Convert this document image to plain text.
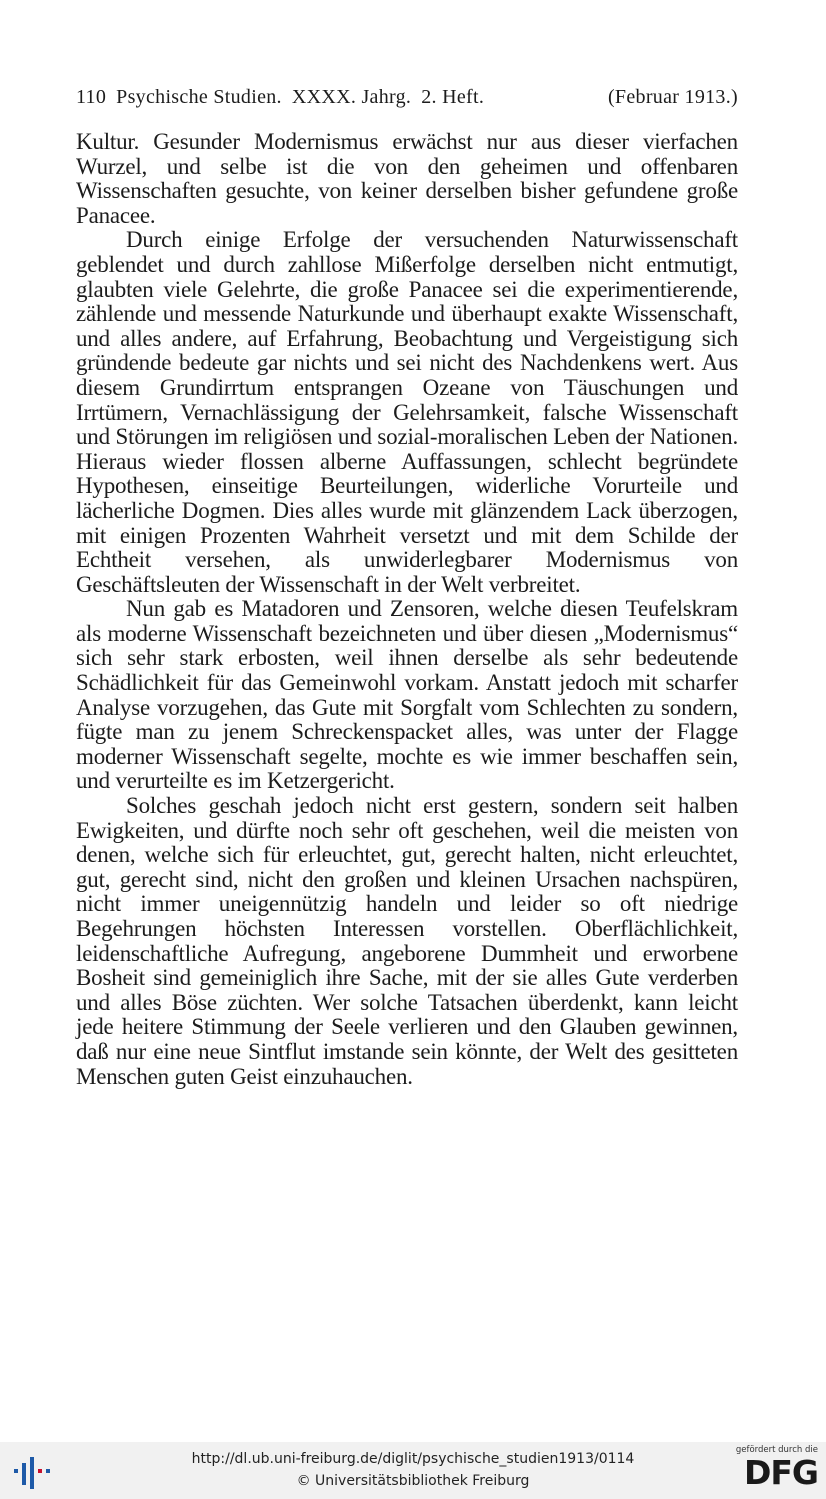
110 Psychische Studien. XXXX. Jahrg. 2. Heft.	(Februar 1913.)

Kultur. Gesunder Modernismus erwächst nur aus dieser vierfachen Wurzel, und selbe ist die von den geheimen und offenbaren Wissenschaften gesuchte, von keiner derselben bisher gefundene große Panacee.

Durch einige Erfolge der versuchenden Naturwissenschaft geblendet und durch zahllose Mißerfolge derselben nicht entmutigt, glaubten viele Gelehrte, die große Panacee sei die experimentierende, zählende und messende Naturkunde und überhaupt exakte Wissenschaft, und alles andere, auf Erfahrung, Beobachtung und Vergeistigung sich gründende bedeute gar nichts und sei nicht des Nachdenkens wert. Aus diesem Grundirrtum entsprangen Ozeane von Täuschungen und Irrtümern, Vernachlässigung der Gelehrsamkeit, falsche Wissenschaft und Störungen im religiösen und sozial-moralischen Leben der Nationen. Hieraus wieder flossen alberne Auffassungen, schlecht begründete Hypothesen, einseitige Beurteilungen, widerliche Vorurteile und lächerliche Dogmen. Dies alles wurde mit glänzendem Lack überzogen, mit einigen Prozenten Wahrheit versetzt und mit dem Schilde der Echtheit versehen, als unwiderlegbarer Modernismus von Geschäftsleuten der Wissenschaft in der Welt verbreitet.

Nun gab es Matadoren und Zensoren, welche diesen Teufelskram als moderne Wissenschaft bezeichneten und über diesen „Modernismus“ sich sehr stark erbosten, weil ihnen derselbe als sehr bedeutende Schädlichkeit für das Gemeinwohl vorkam. Anstatt jedoch mit scharfer Analyse vorzugehen, das Gute mit Sorgfalt vom Schlechten zu sondern, fügte man zu jenem Schreckenspacket alles, was unter der Flagge moderner Wissenschaft segelte, mochte es wie immer beschaffen sein, und verurteilte es im Ketzergericht.

Solches geschah jedoch nicht erst gestern, sondern seit halben Ewigkeiten, und dürfte noch sehr oft geschehen, weil die meisten von denen, welche sich für erleuchtet, gut, gerecht halten, nicht erleuchtet, gut, gerecht sind, nicht den großen und kleinen Ursachen nachspüren, nicht immer uneigennützig handeln und leider so oft niedrige Begehrungen höchsten Interessen vorstellen. Oberflächlichkeit, leidenschaftliche Aufregung, angeborene Dummheit und erworbene Bosheit sind gemeiniglich ihre Sache, mit der sie alles Gute verderben und alles Böse züchten. Wer solche Tatsachen überdenkt, kann leicht jede heitere Stimmung der Seele verlieren und den Glauben gewinnen, daß nur eine neue Sintflut imstande sein könnte, der Welt des gesitteten Menschen guten Geist einzuhauchen.

http://dl.ub.uni-freiburg.de/diglit/psychische_studien1913/0114
© Universitätsbibliothek Freiburg
gefördert durch die
DFG
